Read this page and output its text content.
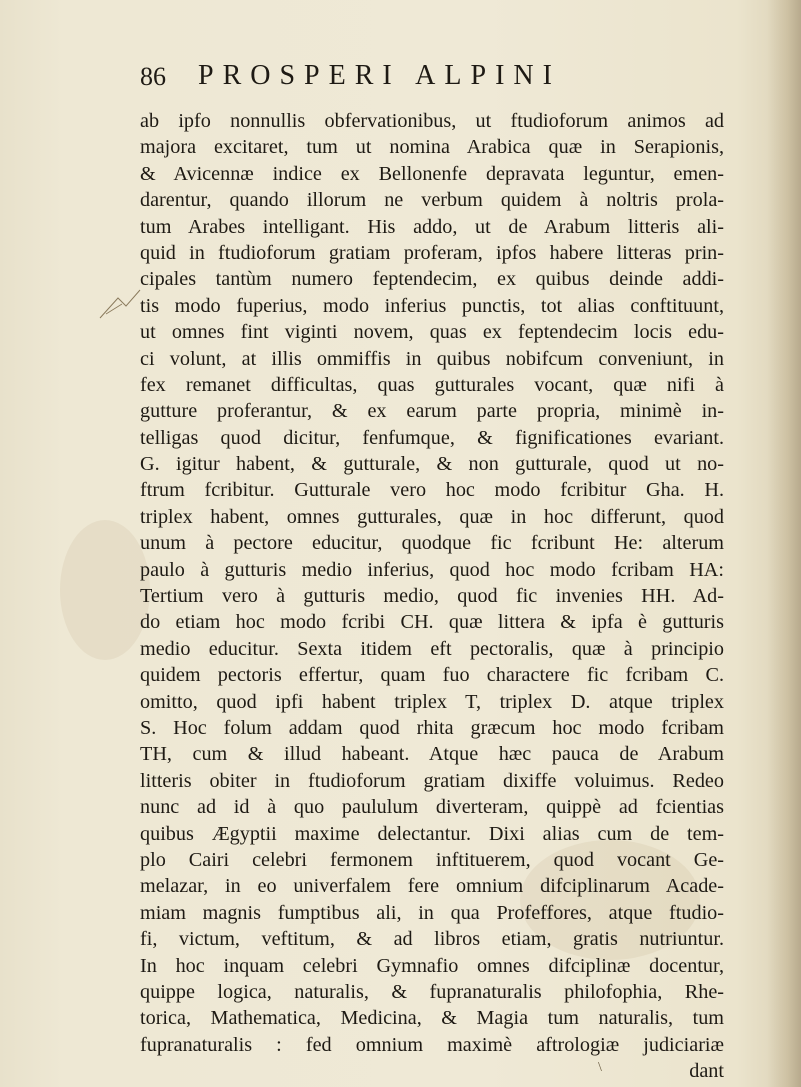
86 PROSPERI ALPINI
ab ipfo nonnullis obfervationibus, ut ftudioforum animos ad
majora excitaret, tum ut nomina Arabica quæ in Serapionis,
& Avicennæ indice ex Bellonenfe depravata leguntur, emen-
darentur, quando illorum ne verbum quidem à noltris prola-
tum Arabes intelligant. His addo, ut de Arabum litteris ali-
quid in ftudioforum gratiam proferam, ipfos habere litteras prin-
cipales tantùm numero feptendecim, ex quibus deinde addi-
tis modo fuperius, modo inferius punctis, tot alias conftituunt,
ut omnes fint viginti novem, quas ex feptendecim locis edu-
ci volunt, at illis ommiffis in quibus nobifcum conveniunt, in
fex remanet difficultas, quas gutturales vocant, quæ nifi à
gutture proferantur, & ex earum parte propria, minimè in-
telligas quod dicitur, fenfumque, & fignificationes evariant.
G. igitur habent, & gutturale, & non gutturale, quod ut no-
ftrum fcribitur. Gutturale vero hoc modo fcribitur Gha. H.
triplex habent, omnes gutturales, quæ in hoc differunt, quod
unum à pectore educitur, quodque fic fcribunt He: alterum
paulo à gutturis medio inferius, quod hoc modo fcribam HA:
Tertium vero à gutturis medio, quod fic invenies HH. Ad-
do etiam hoc modo fcribi CH. quæ littera & ipfa è gutturis
medio educitur. Sexta itidem eft pectoralis, quæ à principio
quidem pectoris effertur, quam fuo charactere fic fcribam C.
omitto, quod ipfi habent triplex T, triplex D. atque triplex
S. Hoc folum addam quod rhita græcum hoc modo fcribam
TH, cum & illud habeant. Atque hæc pauca de Arabum
litteris obiter in ftudioforum gratiam dixiffe voluimus. Redeo
nunc ad id à quo paululum diverteram, quippè ad fcientias
quibus Ægyptii maxime delectantur. Dixi alias cum de tem-
plo Cairi celebri fermonem inftituerem, quod vocant Ge-
melazar, in eo univerfalem fere omnium difciplinarum Acade-
miam magnis fumptibus ali, in qua Profeffores, atque ftudio-
fi, victum, veftitum, & ad libros etiam, gratis nutriuntur.
In hoc inquam celebri Gymnafio omnes difciplinæ docentur,
quippe logica, naturalis, & fupranaturalis philofophia, Rhe-
torica, Mathematica, Medicina, & Magia tum naturalis, tum
fupranaturalis : fed omnium maximè aftrologiæ judiciariæ
dant
\
